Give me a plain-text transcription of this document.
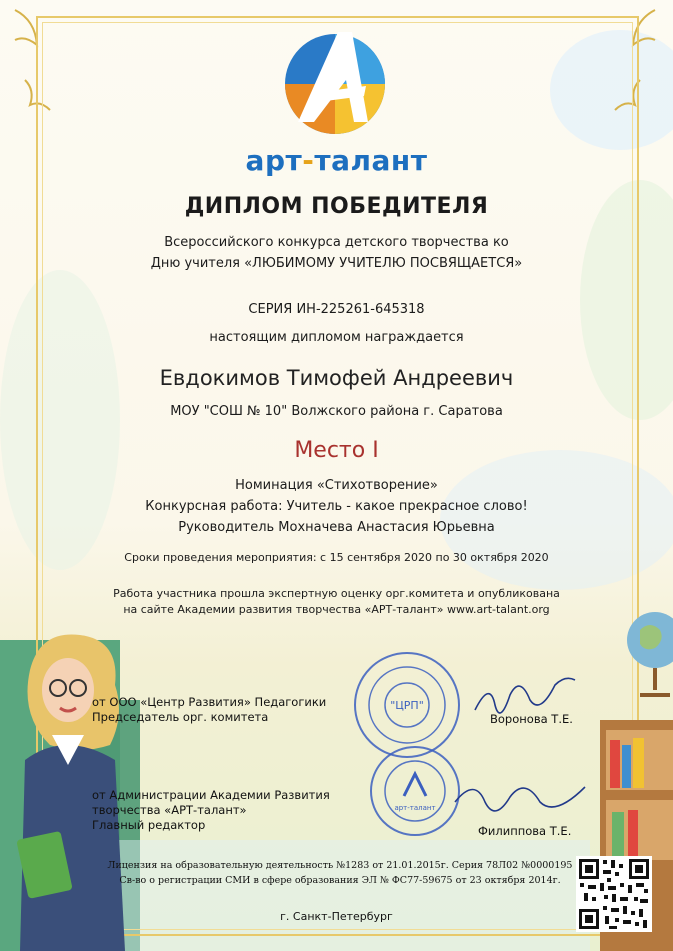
арт-талант
ДИПЛОМ ПОБЕДИТЕЛЯ
Всероссийского конкурса детского творчества ко Дню учителя «ЛЮБИМОМУ УЧИТЕЛЮ ПОСВЯЩАЕТСЯ»
СЕРИЯ ИН-225261-645318
настоящим дипломом награждается
Евдокимов Тимофей Андреевич
МОУ "СОШ № 10" Волжского района г. Саратова
Место I
Номинация «Стихотворение»
Конкурсная работа: Учитель - какое прекрасное слово!
Руководитель Мохначева Анастасия Юрьевна
Сроки проведения мероприятия: с 15 сентября 2020 по 30 октября 2020
Работа участника прошла экспертную оценку орг.комитета и опубликована
на сайте Академии развития творчества «АРТ-талант» www.art-talant.org
"ЦРП"
арт-талант
от ООО «Центр Развития» Педагогики
Председатель орг. комитета	Воронова Т.Е.
от Администрации Академии Развития
творчества «АРТ-талант»
Главный редактор	Филиппова Т.Е.
Лицензия на образовательную деятельность №1283 от 21.01.2015г. Серия 78Л02 №0000195
Св-во о регистрации СМИ в сфере образования ЭЛ № ФС77-59675 от 23 октября 2014г.
г. Санкт-Петербург
